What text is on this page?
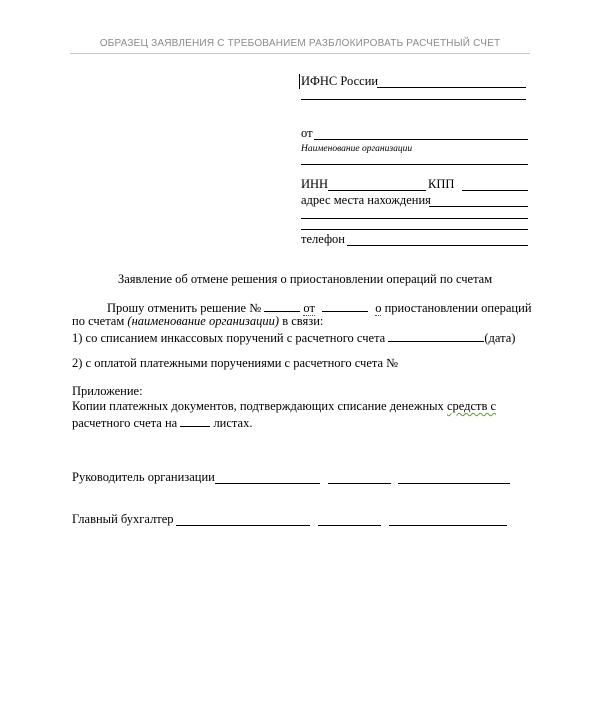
ОБРАЗЕЦ ЗАЯВЛЕНИЯ С ТРЕБОВАНИЕМ РАЗБЛОКИРОВАТЬ РАСЧЕТНЫЙ СЧЕТ
ИФНС России
от
Наименование организации
ИНН	КПП
адрес места нахождения
телефон
Заявление об отмене решения о приостановлении операций по счетам
Прошу отменить решение №	от	о приостановлении операций
по счетам (наименование организации) в связи:
1) со списанием инкассовых поручений с расчетного счета	(дата)
2) с оплатой платежными поручениями с расчетного счета №
Приложение:
Копии платежных документов, подтверждающих списание денежных средств с
расчетного счета на	листах.
Руководитель организации
Главный бухгалтер
